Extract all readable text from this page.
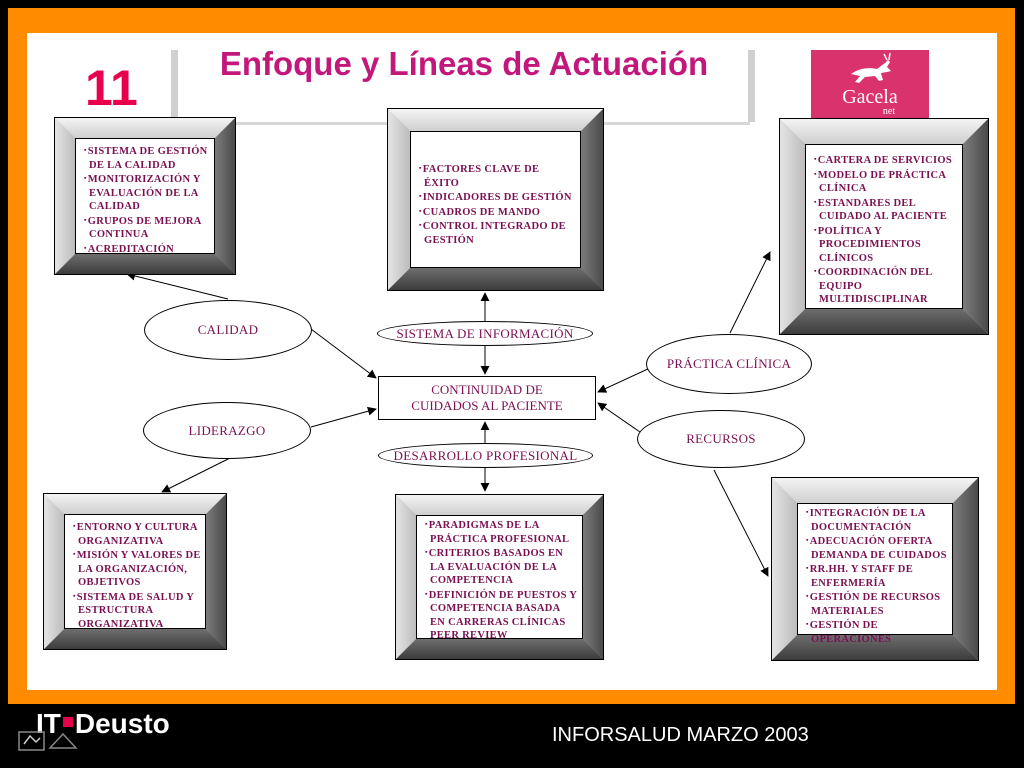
11	Enfoque y Líneas de Actuación
Gacela
net
▪ SISTEMA DE GESTIÓN DE LA CALIDAD
▪ MONITORIZACIÓN Y EVALUACIÓN DE LA CALIDAD
▪ GRUPOS DE MEJORA CONTINUA
▪ ACREDITACIÓN
▪ FACTORES CLAVE DE ÉXITO
▪ INDICADORES DE GESTIÓN
▪ CUADROS DE MANDO
▪ CONTROL INTEGRADO DE GESTIÓN
▪ CARTERA DE SERVICIOS
▪ MODELO DE PRÁCTICA CLÍNICA
▪ ESTANDARES DEL CUIDADO AL PACIENTE
▪ POLÍTICA Y PROCEDIMIENTOS CLÍNICOS
▪ COORDINACIÓN DEL EQUIPO MULTIDISCIPLINAR
▪ ENTORNO Y CULTURA ORGANIZATIVA
▪ MISIÓN Y VALORES DE LA ORGANIZACIÓN, OBJETIVOS
▪ SISTEMA DE SALUD Y ESTRUCTURA ORGANIZATIVA
▪ PARADIGMAS DE LA PRÁCTICA PROFESIONAL
▪ CRITERIOS BASADOS EN LA EVALUACIÓN DE LA COMPETENCIA
▪ DEFINICIÓN DE PUESTOS Y COMPETENCIA BASADA EN CARRERAS CLÍNICAS PEER REVIEW
▪ INTEGRACIÓN DE LA DOCUMENTACIÓN
▪ ADECUACIÓN OFERTA DEMANDA DE CUIDADOS
▪ RR.HH. Y STAFF DE ENFERMERÍA
▪ GESTIÓN DE RECURSOS MATERIALES
▪ GESTIÓN DE OPERACIONES
CALIDAD
LIDERAZGO
SISTEMA DE INFORMACIÓN
DESARROLLO PROFESIONAL
PRÁCTICA CLÍNICA
RECURSOS
CONTINUIDAD DE
CUIDADOS AL PACIENTE
IT Deusto	INFORSALUD MARZO 2003
